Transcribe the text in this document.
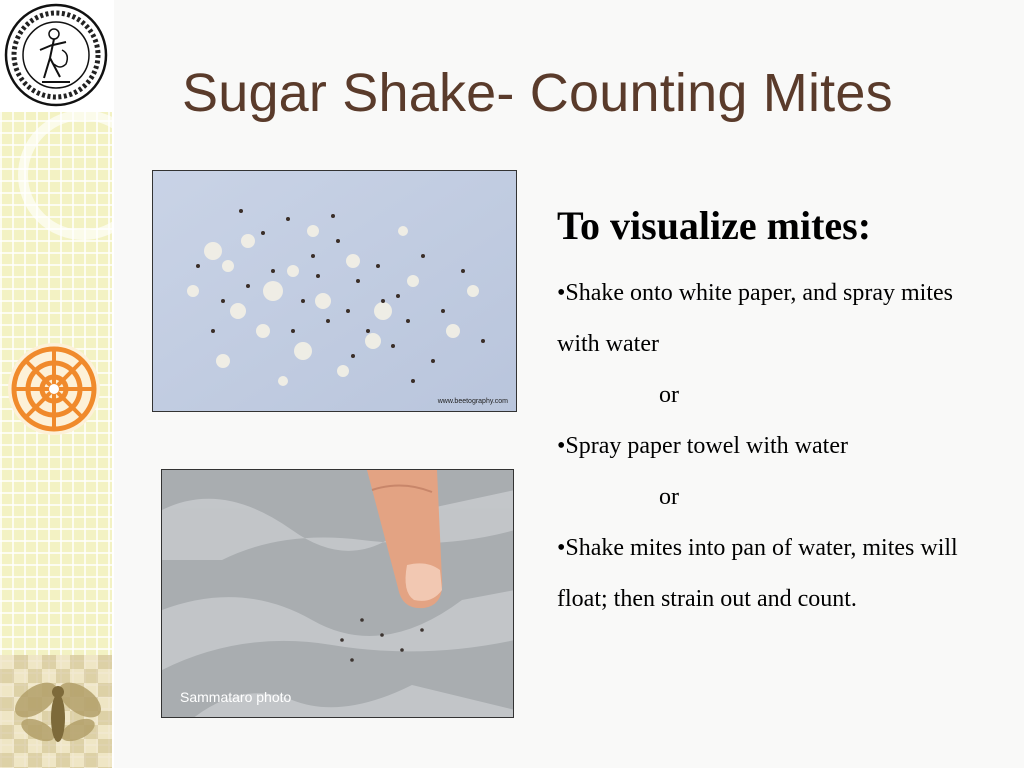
Sugar Shake- Counting Mites
www.beetography.com
Sammataro photo

To visualize mites:

•Shake onto white paper, and spray mites with water

or

•Spray paper towel with water

or

•Shake mites into pan of water, mites will float; then strain out and count.
